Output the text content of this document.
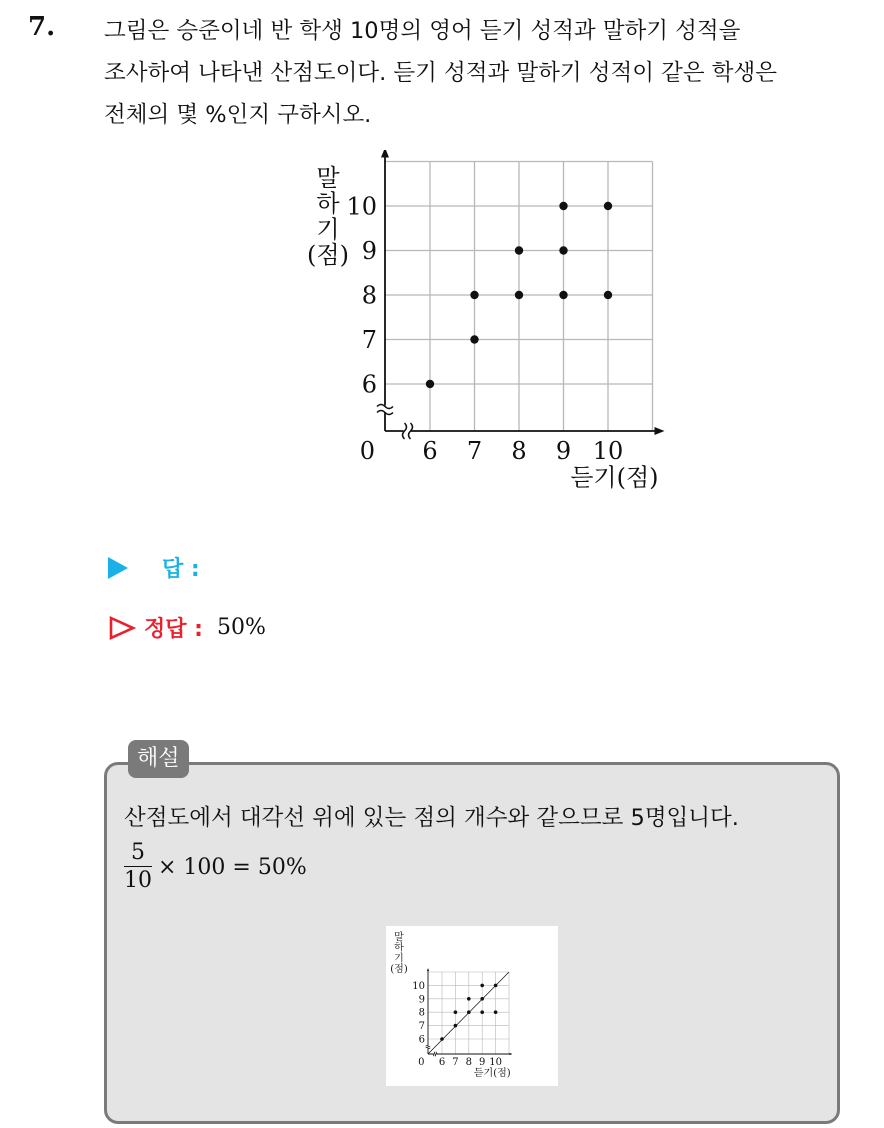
7. 그림은 승준이네 반 학생 10명의 영어 듣기 성적과 말하기 성적을
조사하여 나타낸 산점도이다. 듣기 성적과 말하기 성적이 같은 학생은
전체의 몇 %인지 구하시오.
6 7 8 9 10
6
7
8
9
10
0
듣기(점)
말
하
기
(점)
답 :
정답 : 50%
해설
산점도에서 대각선 위에 있는 점의 개수와 같으므로 5명입니다.
$\frac{5}{10} \times 100 = 50\%$
6 7 8 9 10
6
7
8
9
10
0
듣기(점)
말
하
기
(점)
